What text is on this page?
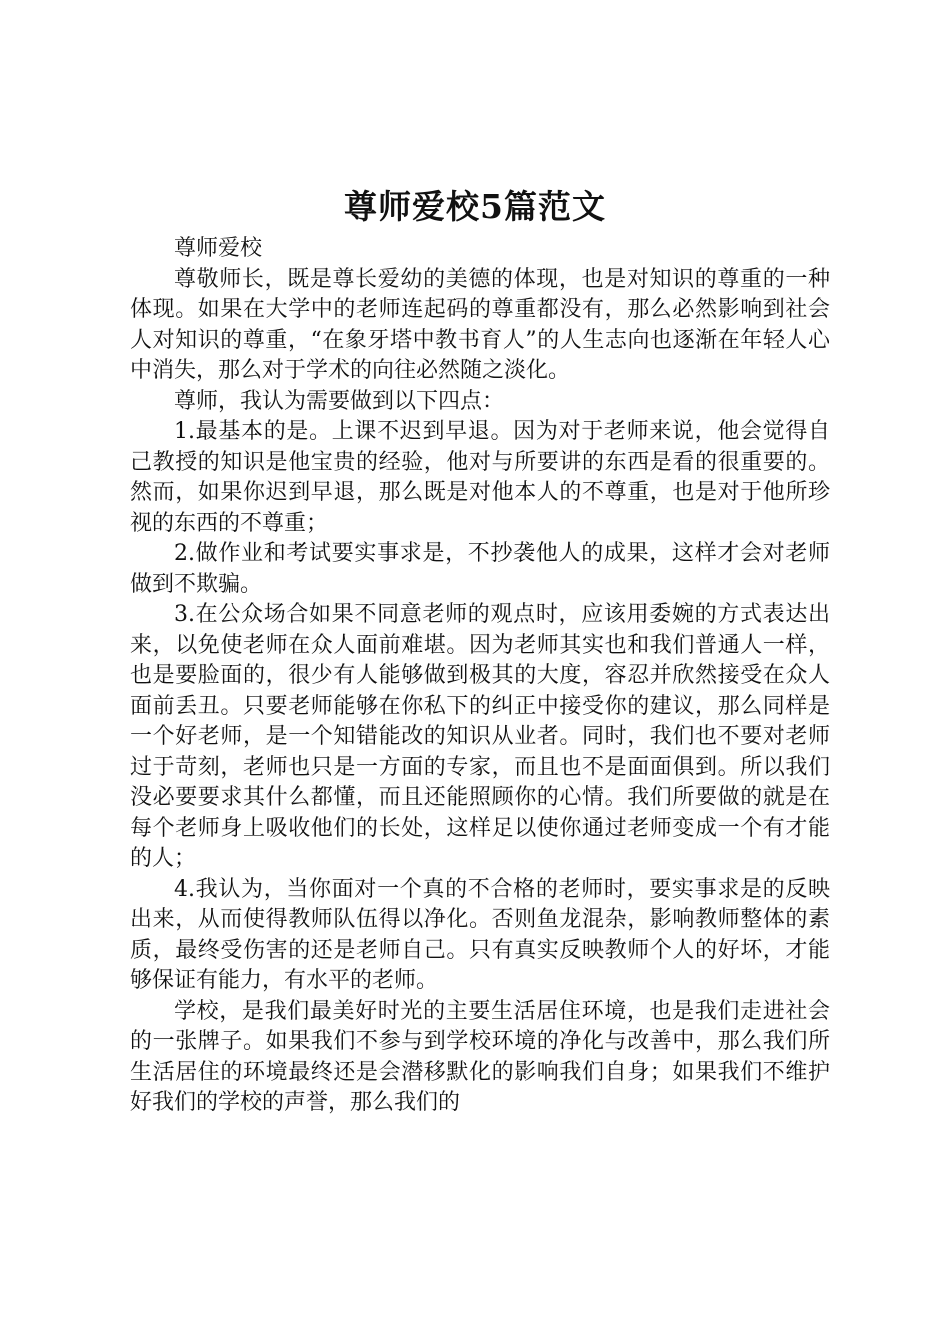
尊师爱校5篇范文

尊师爱校

尊敬师长，既是尊长爱幼的美德的体现，也是对知识的尊重的一种体现。如果在大学中的老师连起码的尊重都没有，那么必然影响到社会人对知识的尊重，“在象牙塔中教书育人”的人生志向也逐渐在年轻人心中消失，那么对于学术的向往必然随之淡化。

尊师，我认为需要做到以下四点：

1.最基本的是。上课不迟到早退。因为对于老师来说，他会觉得自己教授的知识是他宝贵的经验，他对与所要讲的东西是看的很重要的。然而，如果你迟到早退，那么既是对他本人的不尊重，也是对于他所珍视的东西的不尊重；

2.做作业和考试要实事求是，不抄袭他人的成果，这样才会对老师做到不欺骗。

3.在公众场合如果不同意老师的观点时，应该用委婉的方式表达出来，以免使老师在众人面前难堪。因为老师其实也和我们普通人一样，也是要脸面的，很少有人能够做到极其的大度，容忍并欣然接受在众人面前丢丑。只要老师能够在你私下的纠正中接受你的建议，那么同样是一个好老师，是一个知错能改的知识从业者。同时，我们也不要对老师过于苛刻，老师也只是一方面的专家，而且也不是面面俱到。所以我们没必要要求其什么都懂，而且还能照顾你的心情。我们所要做的就是在每个老师身上吸收他们的长处，这样足以使你通过老师变成一个有才能的人；

4.我认为，当你面对一个真的不合格的老师时，要实事求是的反映出来，从而使得教师队伍得以净化。否则鱼龙混杂，影响教师整体的素质，最终受伤害的还是老师自己。只有真实反映教师个人的好坏，才能够保证有能力，有水平的老师。

学校，是我们最美好时光的主要生活居住环境，也是我们走进社会的一张牌子。如果我们不参与到学校环境的净化与改善中，那么我们所生活居住的环境最终还是会潜移默化的影响我们自身；如果我们不维护好我们的学校的声誉，那么我们的
